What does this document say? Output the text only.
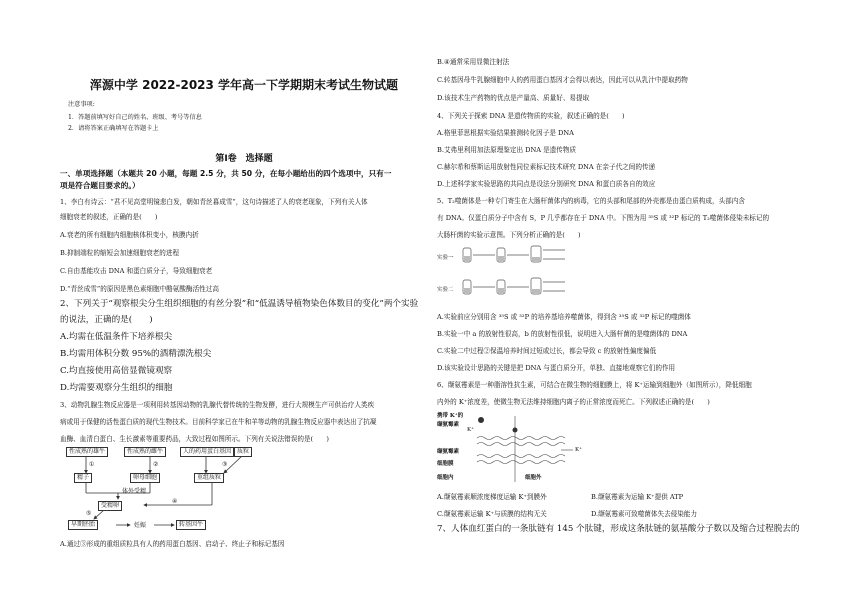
浑源中学 2022-2023 学年高一下学期期末考试生物试题
注意事项:
1．答题前填写好自己的姓名、班级、考号等信息
2．请将答案正确填写在答题卡上
第Ⅰ卷　选择题
一、单项选择题（本题共 20 小题，每题 2.5 分，共 50 分，在每小题给出的四个选项中，只有一
项是符合题目要求的。）
1、李白有诗云：“君不见高堂明镜悲白发，朝如青丝暮成雪”，这句诗描述了人的衰老现象，下列有关人体
细胞衰老的叙述，正确的是(　　)
A.衰老的所有细胞内细胞核体积变小，核膜内折
B.抑制端粒的缩短会加速细胞衰老的进程
C.自由基能攻击 DNA 和蛋白质分子，导致细胞衰老
D.“青丝成雪”的原因是黑色素细胞中酪氨酸酶活性过高
2、下列关于“观察根尖分生组织细胞的有丝分裂”和“低温诱导植物染色体数目的变化”两个实验
的说法，正确的是(　　)
A.均需在低温条件下培养根尖
B.均需用体积分数 95%的酒精漂洗根尖
C.均直接使用高倍显微镜观察
D.均需要观察分生组织的细胞
3、动物乳腺生物反应器是一项利用转基因动物的乳腺代替传统的生物发酵，进行大规模生产可供治疗人类疾
病或用于保健的活性蛋白质的现代生物技术。目前科学家已在牛和羊等动物的乳腺生物反应器中表达出了抗凝
血酶、血清白蛋白、生长激素等重要药品，大致过程如图所示。下列有关说法错误的是(　　)
性成熟的雄牛	性成熟的雌牛	人的药用蛋白基因 质粒
①	②	③
精子	卵母细胞	重组质粒
体外受精
④
受精卵
⑤
早期胚胎	妊娠	转基因牛
A.通过③形成的重组质粒具有人的药用蛋白基因、启动子、终止子和标记基因
B.④通常采用显微注射法
C.转基因母牛乳腺细胞中人的药用蛋白基因才会得以表达，因此可以从乳汁中提取药物
D.该技术生产药物的优点是产量高、质量好、易提取
4、下列关于探索 DNA 是遗传物质的实验，叙述正确的是(　　)
A.格里菲思根据实验结果推测转化因子是 DNA
B.艾弗里利用加法原理鉴定出 DNA 是遗传物质
C.赫尔希和蔡斯运用放射性同位素标记技术研究 DNA 在亲子代之间的传递
D.上述科学家实验思路的共同点是设法分别研究 DNA 和蛋白质各自的效应
5、T₂噬菌体是一种专门寄生在大肠杆菌体内的病毒，它的头部和尾部的外壳都是由蛋白质构成，头部内含
有 DNA。仅蛋白质分子中含有 S，P 几乎都存在于 DNA 中。下图为用 ³⁵S 或 ³²P 标记的 T₂噬菌体侵染未标记的
大肠杆菌的实验示意图。下列分析正确的是(　　)
实验一
实验二
A.实验前应分别用含 ³⁵S 或 ³²P 的培养基培养噬菌体，得到含 ³⁵S 或 ³²P 标记的噬菌体
B.实验一中 a 的放射性很高，b 的放射性很低，说明进入大肠杆菌的是噬菌体的 DNA
C.实验二中过程②保温培养时间过短或过长，都会导致 c 的放射性偏度偏低
D.该实验设计思路的关键是把 DNA 与蛋白质分开，单独、直接地观察它们的作用
6、缬氨霉素是一种脂溶性抗生素，可结合在微生物的细胞膜上，将 K⁺运输到细胞外（如图所示），降低细胞
内外的 K⁺浓度差，使微生物无法维持细胞内离子的正常浓度而死亡。下列叙述正确的是(　　)
携带 K⁺的缬氨霉素
K⁺
K⁺
缬氨霉素
细胞膜
细胞内	细胞外
A.缬氨霉素顺浓度梯度运输 K⁺到膜外	B.缬氨霉素为运输 K⁺提供 ATP
C.缬氨霉素运输 K⁺与质膜的结构无关	D.缬氨霉素可致噬菌体失去侵染能力
7、人体血红蛋白的一条肽链有 145 个肽键，形成这条肽链的氨基酸分子数以及缩合过程脱去的
